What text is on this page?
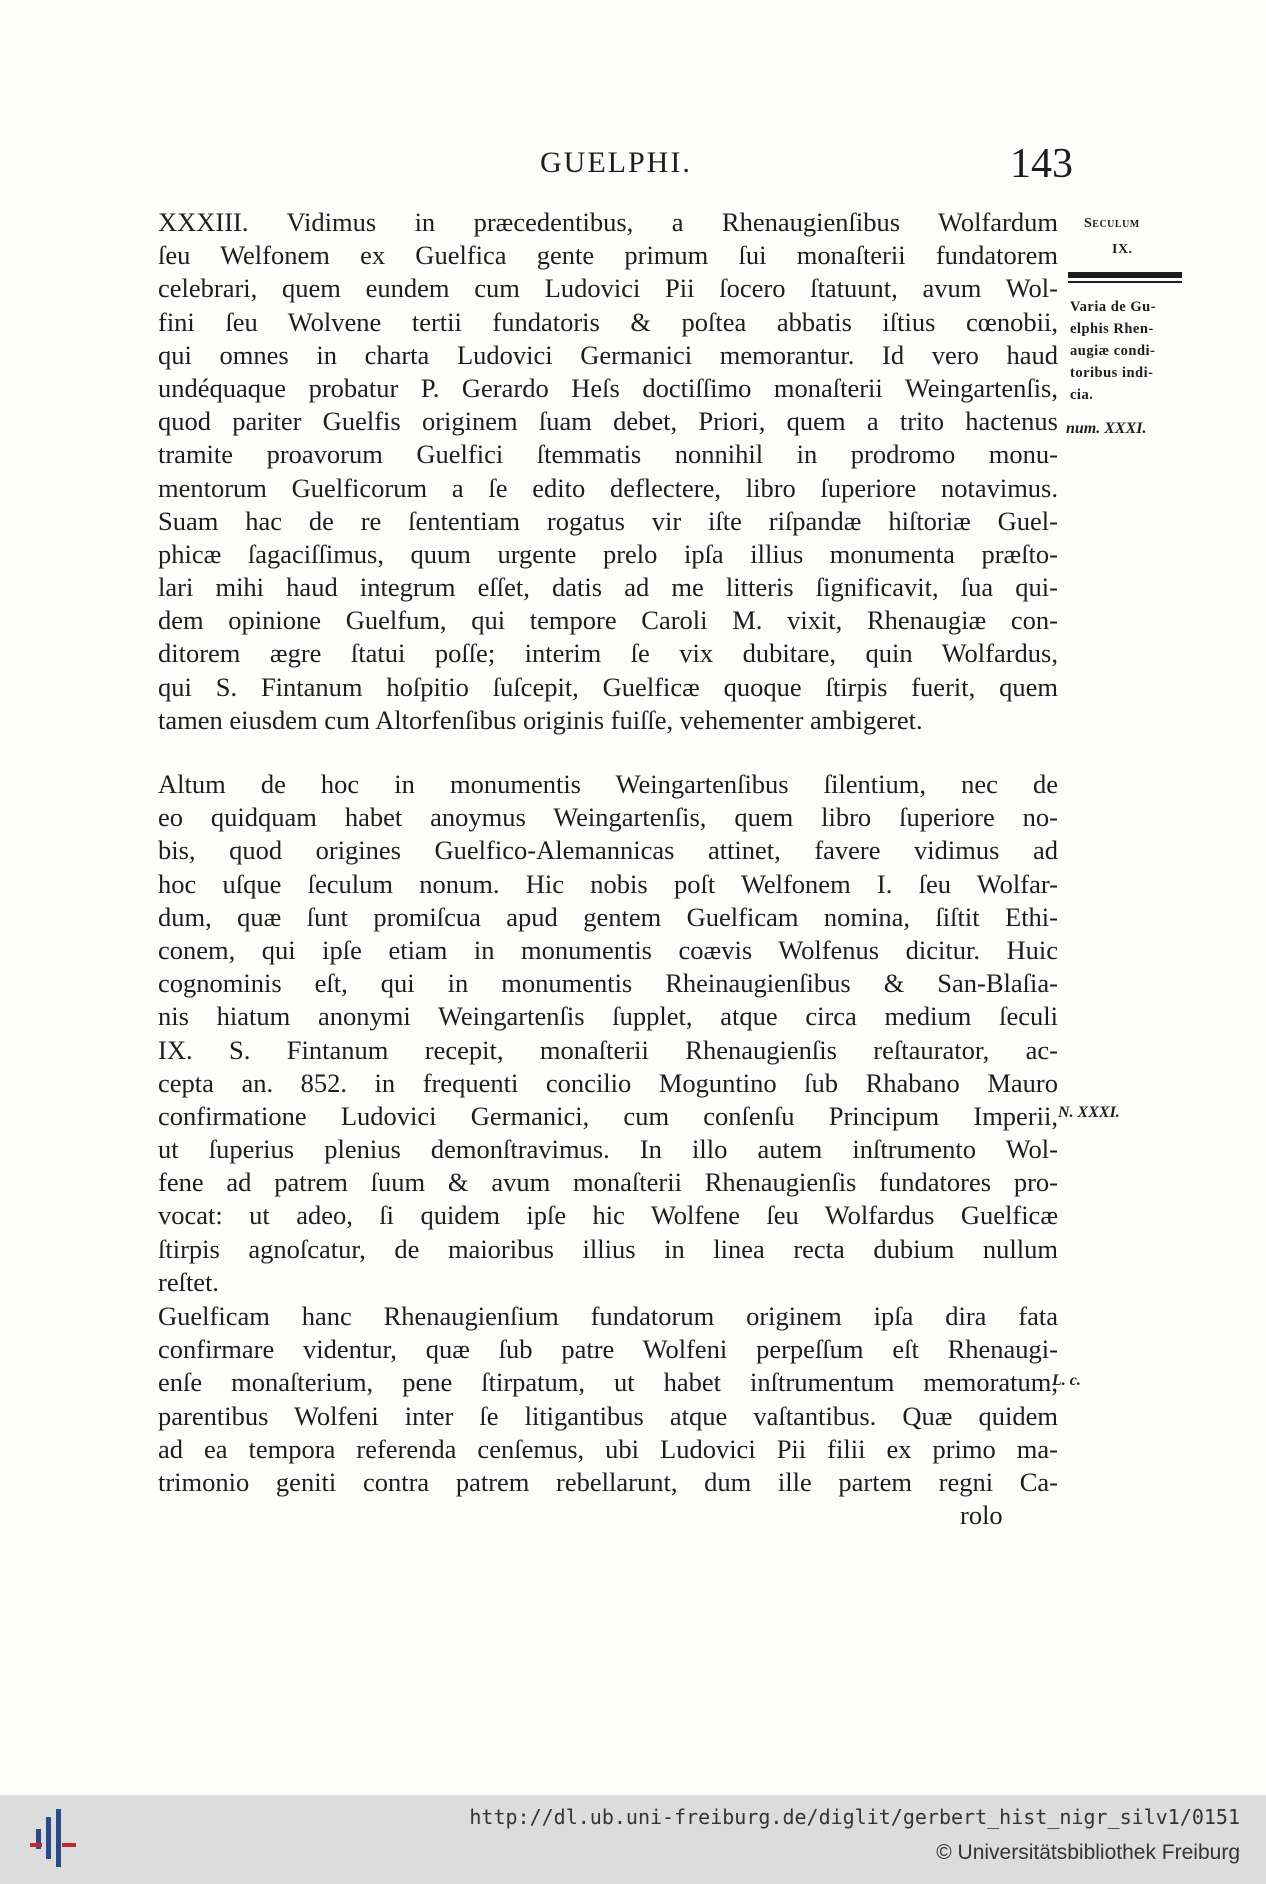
GUELPHI.	143
XXXIII. Vidimus in præcedentibus, a Rhenaugienſibus Wolfardum
ſeu Welfonem ex Guelfica gente primum ſui monaſterii fundatorem
celebrari, quem eundem cum Ludovici Pii ſocero ſtatuunt, avum Wol-
fini ſeu Wolvene tertii fundatoris & poſtea abbatis iſtius cœnobii,
qui omnes in charta Ludovici Germanici memorantur. Id vero haud
undéquaque probatur P. Gerardo Heſs doctiſſimo monaſterii Weingartenſis,
quod pariter Guelfis originem ſuam debet, Priori, quem a trito hactenus
tramite proavorum Guelfici ſtemmatis nonnihil in prodromo monu-
mentorum Guelficorum a ſe edito deflectere, libro ſuperiore notavimus.
Suam hac de re ſententiam rogatus vir iſte riſpandæ hiſtoriæ Guel-
phicæ ſagaciſſimus, quum urgente prelo ipſa illius monumenta præſto-
lari mihi haud integrum eſſet, datis ad me litteris ſignificavit, ſua qui-
dem opinione Guelfum, qui tempore Caroli M. vixit, Rhenaugiæ con-
ditorem ægre ſtatui poſſe; interim ſe vix dubitare, quin Wolfardus,
qui S. Fintanum hoſpitio ſuſcepit, Guelficæ quoque ſtirpis fuerit, quem
tamen eiusdem cum Altorfenſibus originis fuiſſe, vehementer ambigeret.
Altum de hoc in monumentis Weingartenſibus ſilentium, nec de
eo quidquam habet anoymus Weingartenſis, quem libro ſuperiore no-
bis, quod origines Guelfico-Alemannicas attinet, favere vidimus ad
hoc uſque ſeculum nonum. Hic nobis poſt Welfonem I. ſeu Wolfar-
dum, quæ ſunt promiſcua apud gentem Guelficam nomina, ſiſtit Ethi-
conem, qui ipſe etiam in monumentis coævis Wolfenus dicitur. Huic
cognominis eſt, qui in monumentis Rheinaugienſibus & San-Blaſia-
nis hiatum anonymi Weingartenſis ſupplet, atque circa medium ſeculi
IX. S. Fintanum recepit, monaſterii Rhenaugienſis reſtaurator, ac-
cepta an. 852. in frequenti concilio Moguntino ſub Rhabano Mauro
confirmatione Ludovici Germanici, cum conſenſu Principum Imperii,
ut ſuperius plenius demonſtravimus. In illo autem inſtrumento Wol-
fene ad patrem ſuum & avum monaſterii Rhenaugienſis fundatores pro-
vocat: ut adeo, ſi quidem ipſe hic Wolfene ſeu Wolfardus Guelficæ
ſtirpis agnoſcatur, de maioribus illius in linea recta dubium nullum
reſtet.
Guelficam hanc Rhenaugienſium fundatorum originem ipſa dira fata
confirmare videntur, quæ ſub patre Wolfeni perpeſſum eſt Rhenaugi-
enſe monaſterium, pene ſtirpatum, ut habet inſtrumentum memoratum,
parentibus Wolfeni inter ſe litigantibus atque vaſtantibus. Quæ quidem
ad ea tempora referenda cenſemus, ubi Ludovici Pii filii ex primo ma-
trimonio geniti contra patrem rebellarunt, dum ille partem regni Ca-
rolo
Seculum
IX.
Varia de Gu-
elphis Rhen-
augiæ condi-
toribus indi-
cia.
num. XXXI.
N. XXXI.
L. c.
http://dl.ub.uni-freiburg.de/diglit/gerbert_hist_nigr_silv1/0151
© Universitätsbibliothek Freiburg
